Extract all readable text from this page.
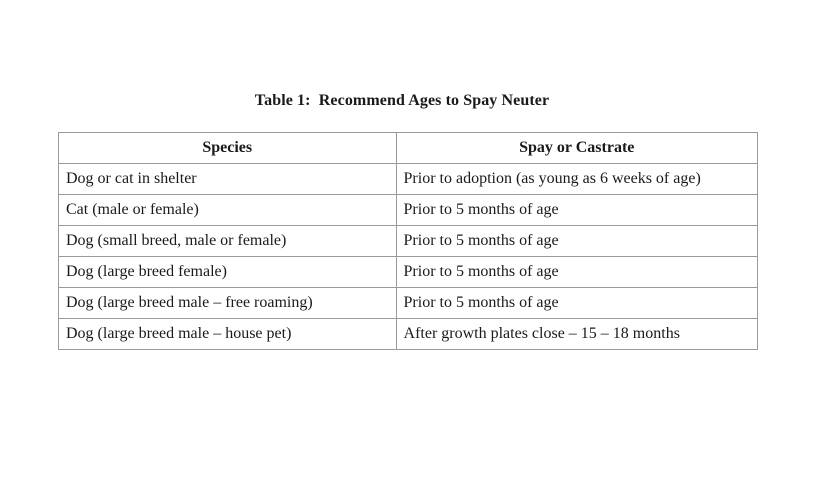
Table 1:  Recommend Ages to Spay Neuter
Species	Spay or Castrate
Dog or cat in shelter	Prior to adoption (as young as 6 weeks of age)
Cat (male or female)	Prior to 5 months of age
Dog (small breed, male or female)	Prior to 5 months of age
Dog (large breed female)	Prior to 5 months of age
Dog (large breed male – free roaming)	Prior to 5 months of age
Dog (large breed male – house pet)	After growth plates close – 15 – 18 months
